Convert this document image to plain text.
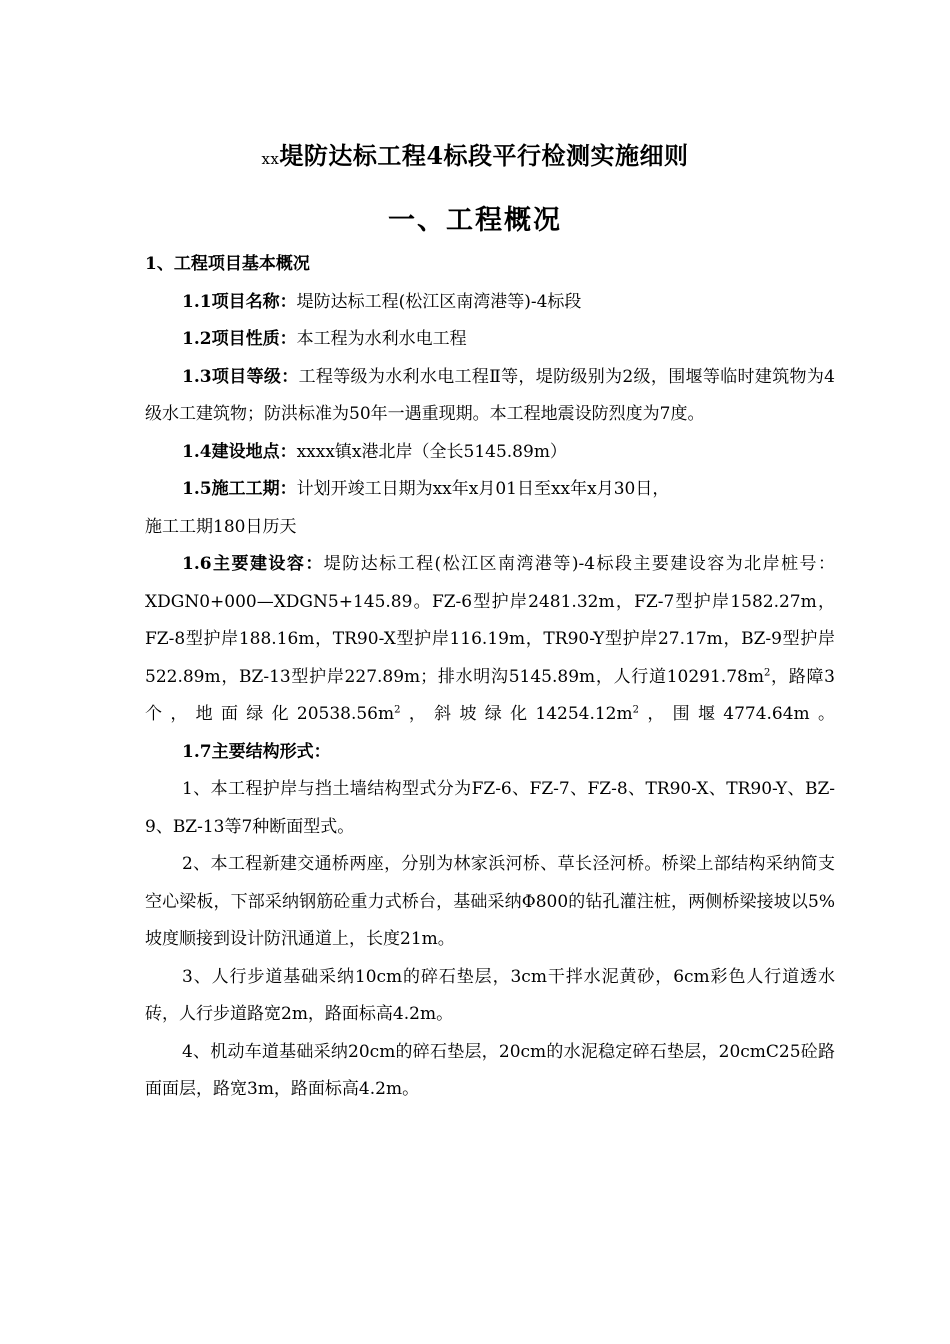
xx堤防达标工程4标段平行检测实施细则
一、工程概况

1、工程项目基本概况

1.1项目名称：堤防达标工程(松江区南湾港等)-4标段

1.2项目性质：本工程为水利水电工程

1.3项目等级：工程等级为水利水电工程Ⅱ等，堤防级别为2级，围堰等临时建筑物为4级水工建筑物；防洪标准为50年一遇重现期。本工程地震设防烈度为7度。

1.4建设地点：xxxx镇x港北岸（全长5145.89m）

1.5施工工期：计划开竣工日期为xx年x月01日至xx年x月30日，

施工工期180日历天

1.6主要建设容：堤防达标工程(松江区南湾港等)-4标段主要建设容为北岸桩号：XDGN0+000—XDGN5+145.89。FZ-6型护岸2481.32m，FZ-7型护岸1582.27m，FZ-8型护岸188.16m，TR90-X型护岸116.19m，TR90-Y型护岸27.17m，BZ-9型护岸522.89m，BZ-13型护岸227.89m；排水明沟5145.89m，人行道$10291.78m^2$，路障3个，地面绿化$20538.56m^2$，斜坡绿化$14254.12m^2$，围堰4774.64m。

1.7主要结构形式：

1、本工程护岸与挡土墙结构型式分为FZ-6、FZ-7、FZ-8、TR90-X、TR90-Y、BZ-9、BZ-13等7种断面型式。

2、本工程新建交通桥两座，分别为林家浜河桥、草长泾河桥。桥梁上部结构采纳简支空心梁板，下部采纳钢筋砼重力式桥台，基础采纳Φ800的钻孔灌注桩，两侧桥梁接坡以5%坡度顺接到设计防汛通道上，长度21m。

3、人行步道基础采纳10cm的碎石垫层，3cm干拌水泥黄砂，6cm彩色人行道透水砖，人行步道路宽2m，路面标高4.2m。

4、机动车道基础采纳20cm的碎石垫层，20cm的水泥稳定碎石垫层，20cmC25砼路面面层，路宽3m，路面标高4.2m。
